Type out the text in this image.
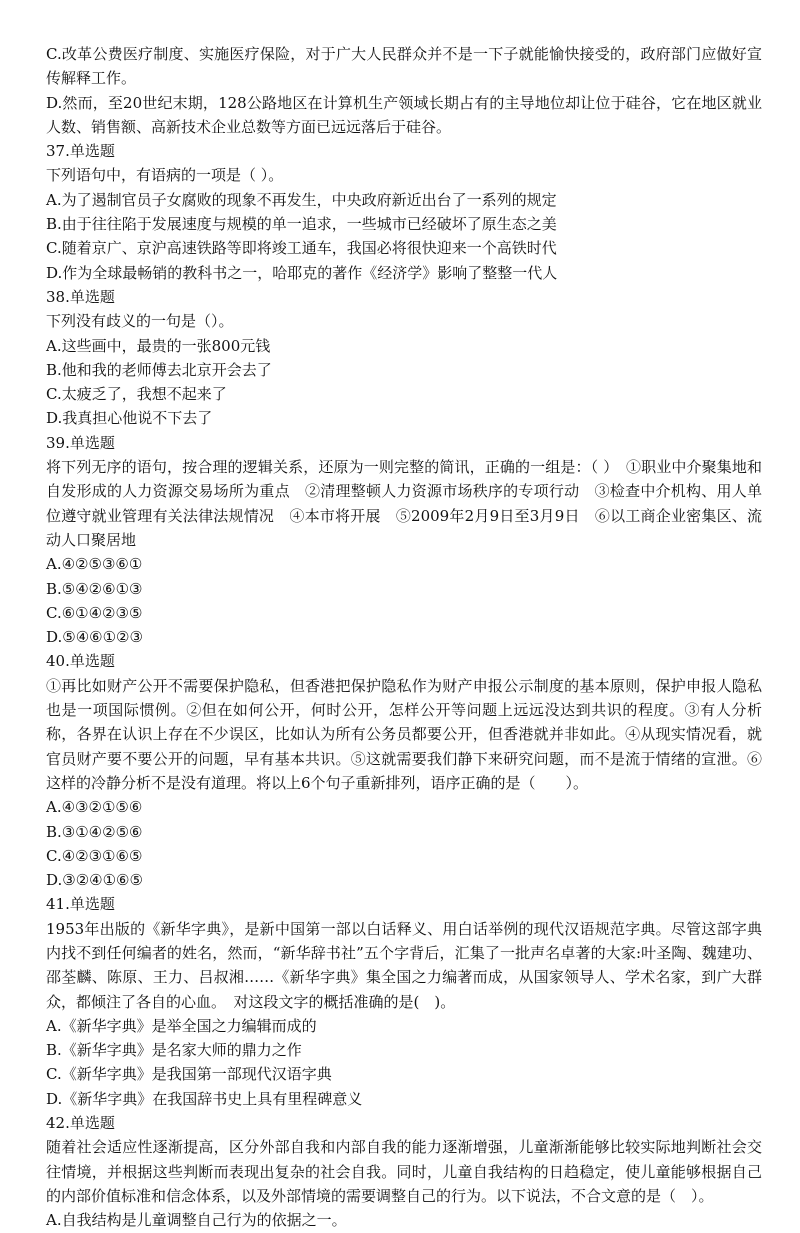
C.改革公费医疗制度、实施医疗保险，对于广大人民群众并不是一下子就能愉快接受的，政府部门应做好宣传解释工作。
D.然而，至20世纪末期，128公路地区在计算机生产领域长期占有的主导地位却让位于硅谷，它在地区就业人数、销售额、高新技术企业总数等方面已远远落后于硅谷。
37.单选题
下列语句中，有语病的一项是（ ）。
A.为了遏制官员子女腐败的现象不再发生，中央政府新近出台了一系列的规定
B.由于往往陷于发展速度与规模的单一追求，一些城市已经破坏了原生态之美
C.随着京广、京沪高速铁路等即将竣工通车，我国必将很快迎来一个高铁时代
D.作为全球最畅销的教科书之一，哈耶克的著作《经济学》影响了整整一代人
38.单选题
下列没有歧义的一句是（）。
A.这些画中，最贵的一张800元钱
B.他和我的老师傅去北京开会去了
C.太疲乏了，我想不起来了
D.我真担心他说不下去了
39.单选题
将下列无序的语句，按合理的逻辑关系，还原为一则完整的简讯，正确的一组是：（ ）　①职业中介聚集地和自发形成的人力资源交易场所为重点　②清理整顿人力资源市场秩序的专项行动　③检查中介机构、用人单位遵守就业管理有关法律法规情况　④本市将开展　⑤2009年2月9日至3月9日　⑥以工商企业密集区、流动人口聚居地
A.④②⑤③⑥①
B.⑤④②⑥①③
C.⑥①④②③⑤
D.⑤④⑥①②③
40.单选题
①再比如财产公开不需要保护隐私，但香港把保护隐私作为财产申报公示制度的基本原则，保护申报人隐私也是一项国际惯例。②但在如何公开，何时公开，怎样公开等问题上远远没达到共识的程度。③有人分析称，各界在认识上存在不少误区，比如认为所有公务员都要公开，但香港就并非如此。④从现实情况看，就官员财产要不要公开的问题，早有基本共识。⑤这就需要我们静下来研究问题，而不是流于情绪的宣泄。⑥这样的冷静分析不是没有道理。将以上6个句子重新排列，语序正确的是（　　）。
A.④③②①⑤⑥
B.③①④②⑤⑥
C.④②③①⑥⑤
D.③②④①⑥⑤
41.单选题
1953年出版的《新华字典》，是新中国第一部以白话释义、用白话举例的现代汉语规范字典。尽管这部字典内找不到任何编者的姓名，然而，“新华辞书社”五个字背后，汇集了一批声名卓著的大家:叶圣陶、魏建功、邵荃麟、陈原、王力、吕叔湘……《新华字典》集全国之力编著而成，从国家领导人、学术名家，到广大群众，都倾注了各自的心血。　对这段文字的概括准确的是(　)。
A.《新华字典》是举全国之力编辑而成的
B.《新华字典》是名家大师的鼎力之作
C.《新华字典》是我国第一部现代汉语字典
D.《新华字典》在我国辞书史上具有里程碑意义
42.单选题
随着社会适应性逐渐提高，区分外部自我和内部自我的能力逐渐增强，儿童渐渐能够比较实际地判断社会交往情境，并根据这些判断而表现出复杂的社会自我。同时，儿童自我结构的日趋稳定，使儿童能够根据自己的内部价值标准和信念体系，以及外部情境的需要调整自己的行为。以下说法，不合文意的是（　）。
A.自我结构是儿童调整自己行为的依据之一。
